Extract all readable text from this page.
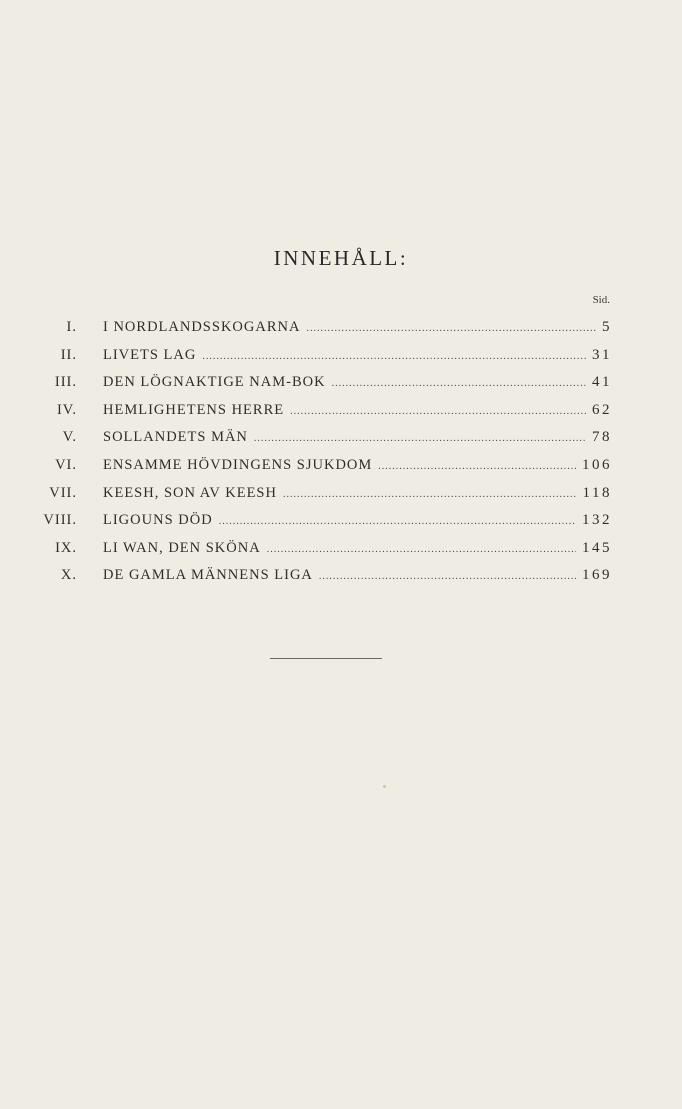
INNEHÅLL:
Sid.
I. I NORDLANDSSKOGARNA .....	5
II. LIVETS LAG .....	31
III. DEN LÖGNAKTIGE NAM-BOK .....	41
IV. HEMLIGHETENS HERRE .....	62
V. SOLLANDETS MÄN .....	78
VI. ENSAMME HÖVDINGENS SJUKDOM .....	106
VII. KEESH, SON AV KEESH .....	118
VIII. LIGOUNS DÖD .....	132
IX. LI WAN, DEN SKÖNA .....	145
X. DE GAMLA MÄNNENS LIGA .....	169
